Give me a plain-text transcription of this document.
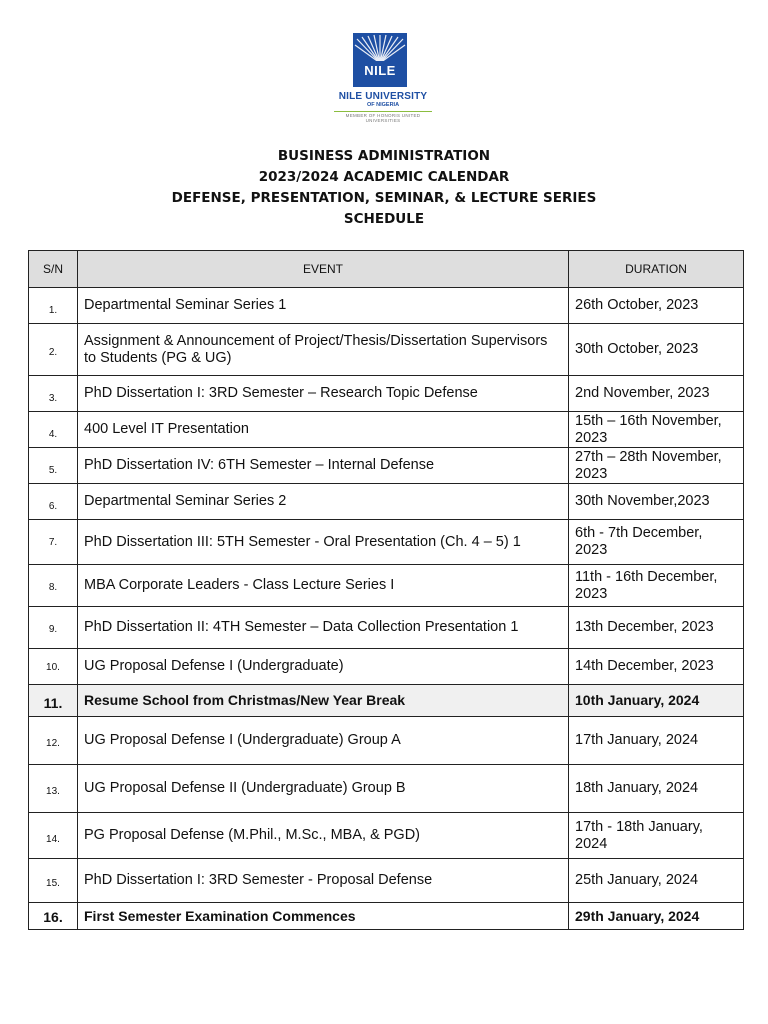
NILE
NILE UNIVERSITY
OF NIGERIA
MEMBER OF HONORIS UNITED UNIVERSITIES
BUSINESS ADMINISTRATION
2023/2024 ACADEMIC CALENDAR
DEFENSE, PRESENTATION, SEMINAR, & LECTURE SERIES
SCHEDULE
S/N	EVENT	DURATION
1.	Departmental Seminar Series 1	26th October, 2023
2.	Assignment & Announcement of Project/Thesis/Dissertation Supervisors to Students (PG & UG)	30th October, 2023
3.	PhD Dissertation I: 3RD Semester – Research Topic Defense	2nd November, 2023
4.	400 Level IT Presentation	15th – 16th November, 2023
5.	PhD Dissertation IV: 6TH Semester – Internal Defense	27th – 28th November, 2023
6.	Departmental Seminar Series 2	30th November,2023
7.	PhD Dissertation III: 5TH Semester - Oral Presentation (Ch. 4 – 5) 1	6th - 7th December, 2023
8.	MBA Corporate Leaders - Class Lecture Series I	11th - 16th December, 2023
9.	PhD Dissertation II: 4TH Semester – Data Collection Presentation 1	13th December, 2023
10.	UG Proposal Defense I (Undergraduate)	14th December, 2023
11.	Resume School from Christmas/New Year Break	10th January, 2024
12.	UG Proposal Defense I (Undergraduate) Group A	17th January, 2024
13.	UG Proposal Defense II (Undergraduate) Group B	18th January, 2024
14.	PG Proposal Defense (M.Phil., M.Sc., MBA, & PGD)	17th - 18th January, 2024
15.	PhD Dissertation I: 3RD Semester - Proposal Defense	25th January, 2024
16.	First Semester Examination Commences	29th January, 2024
